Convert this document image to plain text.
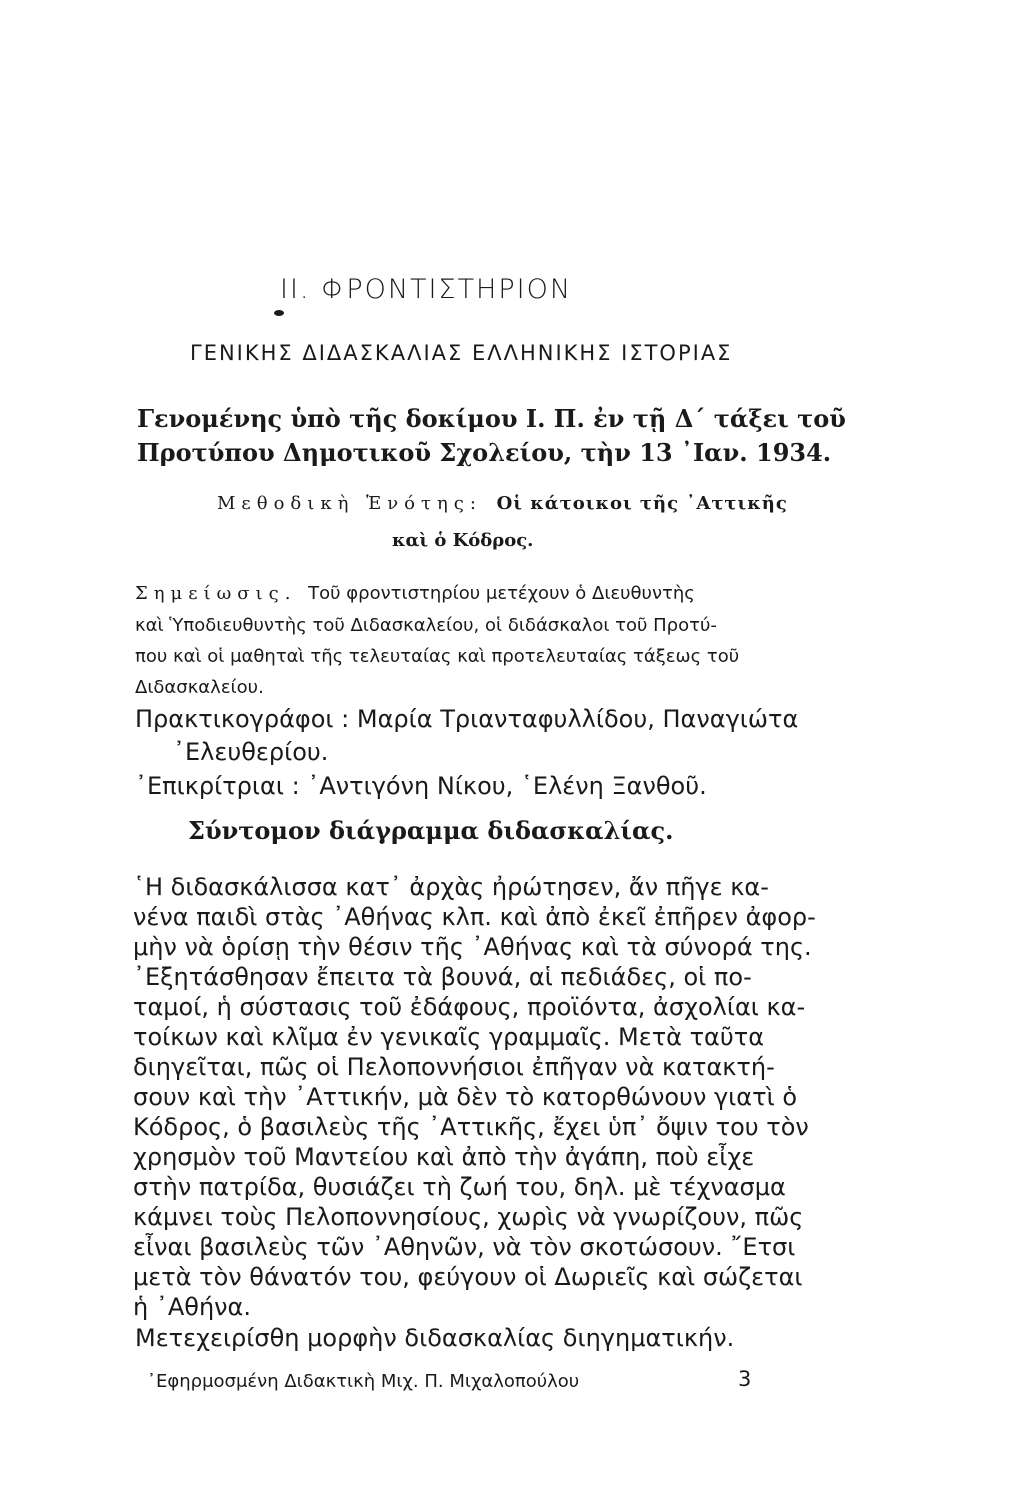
ΙΙ. ΦΡΟΝΤΙΣΤΗΡΙΟΝ
ΓΕΝΙΚΗΣ ΔΙΔΑΣΚΑΛΙΑΣ ΕΛΛΗΝΙΚΗΣ ΙΣΤΟΡΙΑΣ
Γενομένης ὑπὸ τῆς δοκίμου Ι. Π. ἐν τῇ Δ΄ τάξει τοῦ
Προτύπου Δημοτικοῦ Σχολείου, τὴν 13 ᾿Ιαν. 1934.
Μεθοδικὴ Ἑνότης: Οἱ κάτοικοι τῆς ᾿Αττικῆς
καὶ ὁ Κόδρος.
Σημείωσις. Τοῦ φροντιστηρίου μετέχουν ὁ Διευθυντὴς
καὶ Ὑποδιευθυντὴς τοῦ Διδασκαλείου, οἱ διδάσκαλοι τοῦ Προτύ-
που καὶ οἱ μαθηταὶ τῆς τελευταίας καὶ προτελευταίας τάξεως τοῦ
Διδασκαλείου.
Πρακτικογράφοι : Μαρία Τριανταφυλλίδου, Παναγιώτα
᾿Ελευθερίου.
᾿Επικρίτριαι : ᾿Αντιγόνη Νίκου, ῾Ελένη Ξανθοῦ.
Σύντομον διάγραμμα διδασκαλίας.
῾Η διδασκάλισσα κατ᾿ ἀρχὰς ἠρώτησεν, ἄν πῆγε κα-
νένα παιδὶ στὰς ᾿Αθήνας κλπ. καὶ ἀπὸ ἐκεῖ ἐπῆρεν ἀφορ-
μὴν νὰ ὁρίσῃ τὴν θέσιν τῆς ᾿Αθήνας καὶ τὰ σύνορά της.
᾿Εξητάσθησαν ἔπειτα τὰ βουνά, αἱ πεδιάδες, οἱ πο-
ταμοί, ἡ σύστασις τοῦ ἐδάφους, προϊόντα, ἀσχολίαι κα-
τοίκων καὶ κλῖμα ἐν γενικαῖς γραμμαῖς. Μετὰ ταῦτα
διηγεῖται, πῶς οἱ Πελοποννήσιοι ἐπῆγαν νὰ κατακτή-
σουν καὶ τὴν ᾿Αττικήν, μὰ δὲν τὸ κατορθώνουν γιατὶ ὁ
Κόδρος, ὁ βασιλεὺς τῆς ᾿Αττικῆς, ἔχει ὑπ᾿ ὄψιν του τὸν
χρησμὸν τοῦ Μαντείου καὶ ἀπὸ τὴν ἀγάπη, ποὺ εἶχε
στὴν πατρίδα, θυσιάζει τὴ ζωή του, δηλ. μὲ τέχνασμα
κάμνει τοὺς Πελοποννησίους, χωρὶς νὰ γνωρίζουν, πῶς
εἶναι βασιλεὺς τῶν ᾿Αθηνῶν, νὰ τὸν σκοτώσουν. ῎Ετσι
μετὰ τὸν θάνατόν του, φεύγουν οἱ Δωριεῖς καὶ σώζεται
ἡ ᾿Αθήνα.
Μετεχειρίσθη μορφὴν διδασκαλίας διηγηματικήν.
᾿Εφηρμοσμένη Διδακτικὴ Μιχ. Π. Μιχαλοπούλου	3
